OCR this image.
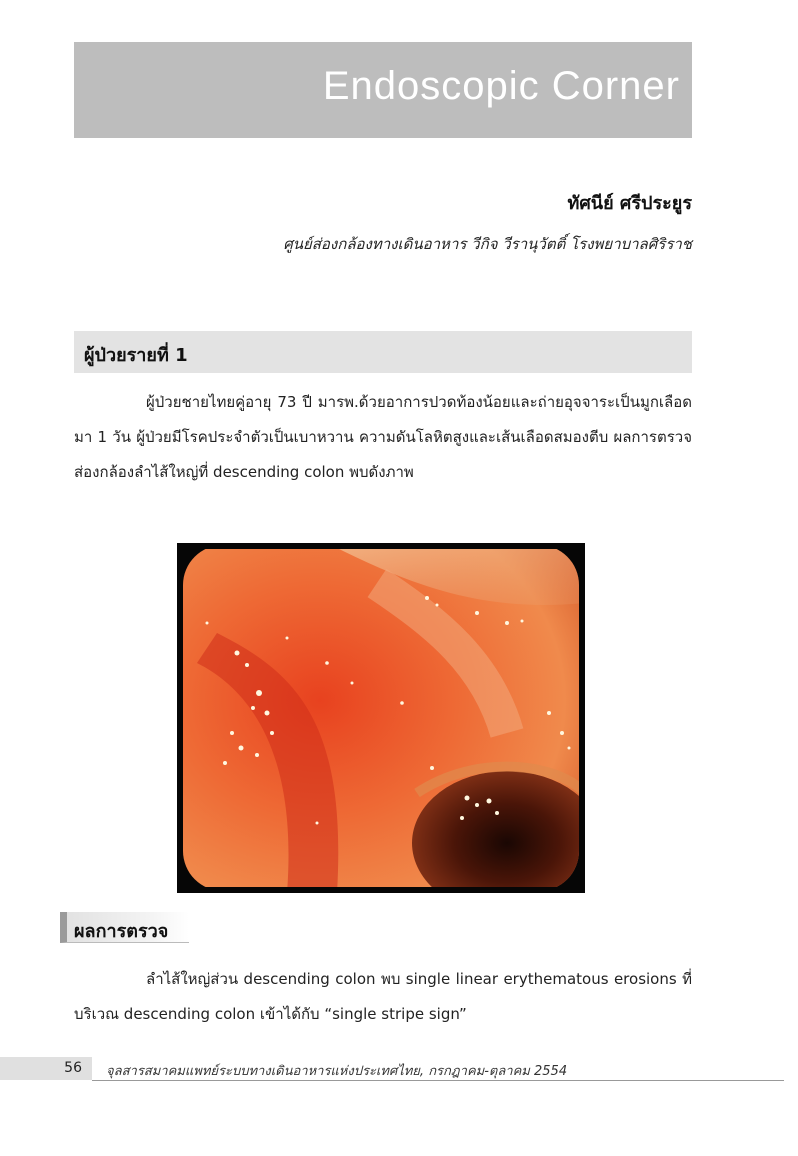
Endoscopic Corner
ทัศนีย์ ศรีประยูร
ศูนย์ส่องกล้องทางเดินอาหาร วีกิจ วีรานุวัตติ์ โรงพยาบาลศิริราช
ผู้ป่วยรายที่ 1
ผู้ป่วยชายไทยคู่อายุ 73 ปี มารพ.ด้วยอาการปวดท้องน้อยและถ่ายอุจจาระเป็นมูกเลือดมา 1 วัน ผู้ป่วยมีโรคประจำตัวเป็นเบาหวาน ความดันโลหิตสูงและเส้นเลือดสมองตีบ ผลการตรวจส่องกล้องลำไส้ใหญ่ที่ descending colon พบดังภาพ
ผลการตรวจ
ลำไส้ใหญ่ส่วน descending colon พบ single linear erythematous erosions ที่บริเวณ descending colon เข้าได้กับ “single stripe sign”
56 จุลสารสมาคมแพทย์ระบบทางเดินอาหารแห่งประเทศไทย, กรกฎาคม-ตุลาคม 2554
